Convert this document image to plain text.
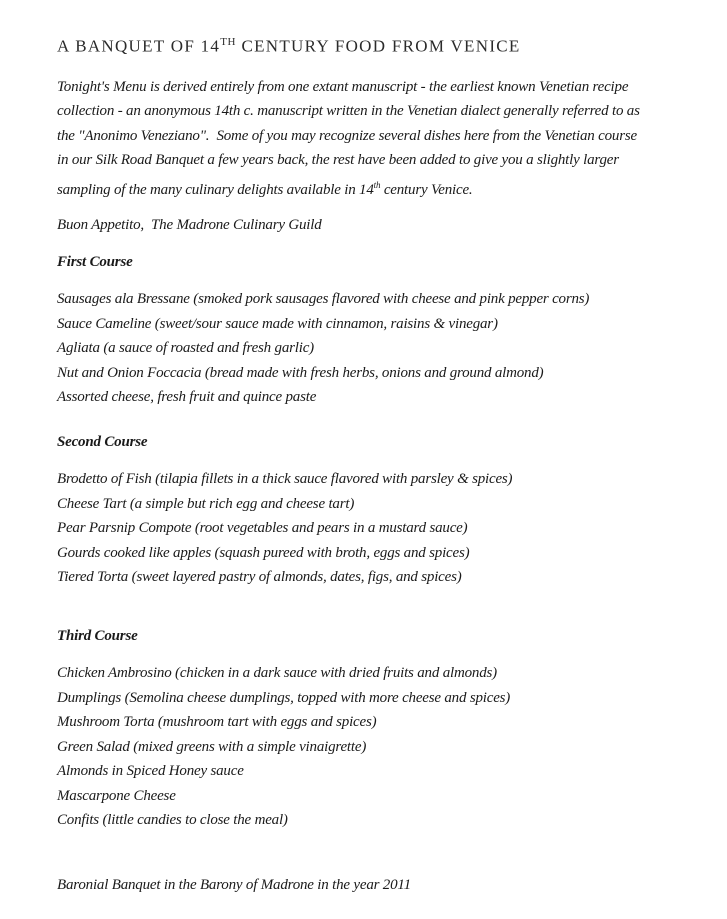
A BANQUET OF 14TH CENTURY FOOD FROM VENICE
Tonight's Menu is derived entirely from one extant manuscript - the earliest known Venetian recipe
collection - an anonymous 14th c. manuscript written in the Venetian dialect generally referred to as
the "Anonimo Veneziano".  Some of you may recognize several dishes here from the Venetian course
in our Silk Road Banquet a few years back, the rest have been added to give you a slightly larger
sampling of the many culinary delights available in 14th century Venice.
Buon Appetito,  The Madrone Culinary Guild
First Course
Sausages ala Bressane (smoked pork sausages flavored with cheese and pink pepper corns)
Sauce Cameline (sweet/sour sauce made with cinnamon, raisins & vinegar)
Agliata (a sauce of roasted and fresh garlic)
Nut and Onion Foccacia (bread made with fresh herbs, onions and ground almond)
Assorted cheese, fresh fruit and quince paste
Second Course
Brodetto of Fish (tilapia fillets in a thick sauce flavored with parsley & spices)
Cheese Tart (a simple but rich egg and cheese tart)
Pear Parsnip Compote (root vegetables and pears in a mustard sauce)
Gourds cooked like apples (squash pureed with broth, eggs and spices)
Tiered Torta (sweet layered pastry of almonds, dates, figs, and spices)
Third Course
Chicken Ambrosino (chicken in a dark sauce with dried fruits and almonds)
Dumplings (Semolina cheese dumplings, topped with more cheese and spices)
Mushroom Torta (mushroom tart with eggs and spices)
Green Salad (mixed greens with a simple vinaigrette)
Almonds in Spiced Honey sauce
Mascarpone Cheese
Confits (little candies to close the meal)
Baronial Banquet in the Barony of Madrone in the year 2011
